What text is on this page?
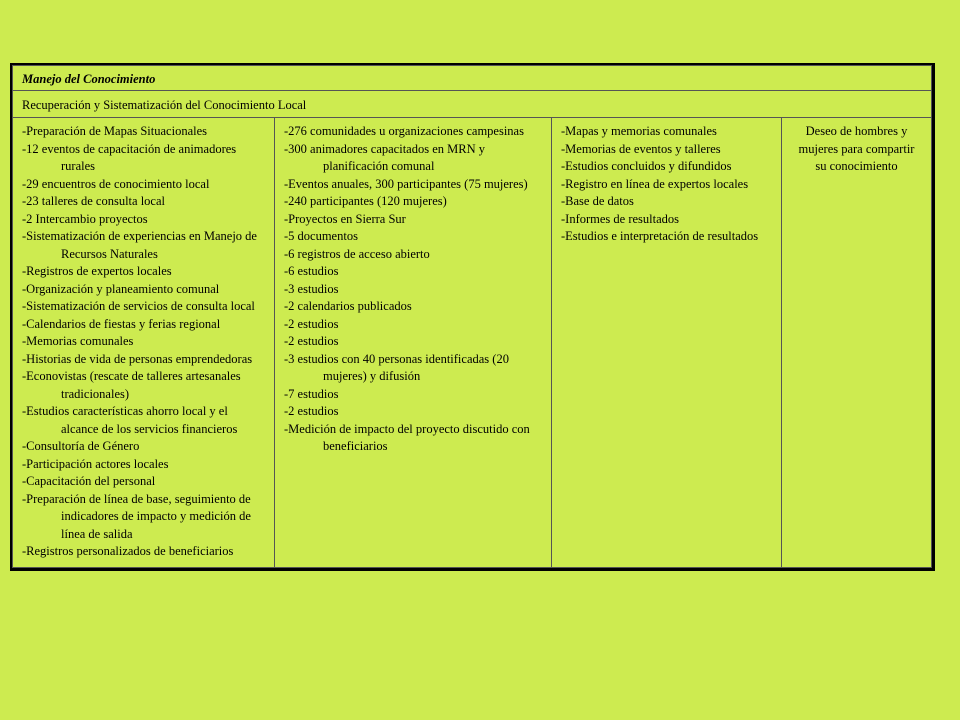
Manejo del Conocimiento
Recuperación y Sistematización del Conocimiento Local

-Preparación de Mapas Situacionales
-12 eventos de capacitación de animadores rurales
-29 encuentros de conocimiento local
-23 talleres de consulta local
-2 Intercambio proyectos
-Sistematización de experiencias en Manejo de Recursos Naturales
-Registros de expertos locales
-Organización y planeamiento comunal
-Sistematización de servicios de consulta local
-Calendarios de fiestas y ferias regional
-Memorias comunales
-Historias de vida de personas emprendedoras
-Econovistas (rescate de talleres artesanales tradicionales)
-Estudios características ahorro local y el alcance de los servicios financieros
-Consultoría de Género
-Participación actores locales
-Capacitación del personal
-Preparación de línea de base, seguimiento de indicadores de impacto y medición de línea de salida
-Registros personalizados de beneficiarios

-276 comunidades u organizaciones campesinas
-300 animadores capacitados en MRN y planificación comunal
-Eventos anuales, 300 participantes (75 mujeres)
-240 participantes (120 mujeres)
-Proyectos en Sierra Sur
-5 documentos
-6 registros de acceso abierto
-6 estudios
-3 estudios
-2 calendarios publicados
-2 estudios
-2 estudios
-3 estudios con 40 personas identificadas (20 mujeres) y difusión
-7 estudios
-2 estudios
-Medición de impacto del proyecto discutido con beneficiarios

-Mapas y memorias comunales
-Memorias de eventos y talleres
-Estudios concluidos y difundidos
-Registro en línea de expertos locales
-Base de datos
-Informes de resultados
-Estudios e interpretación de resultados
	Deseo de hombres y mujeres para compartir su conocimiento
